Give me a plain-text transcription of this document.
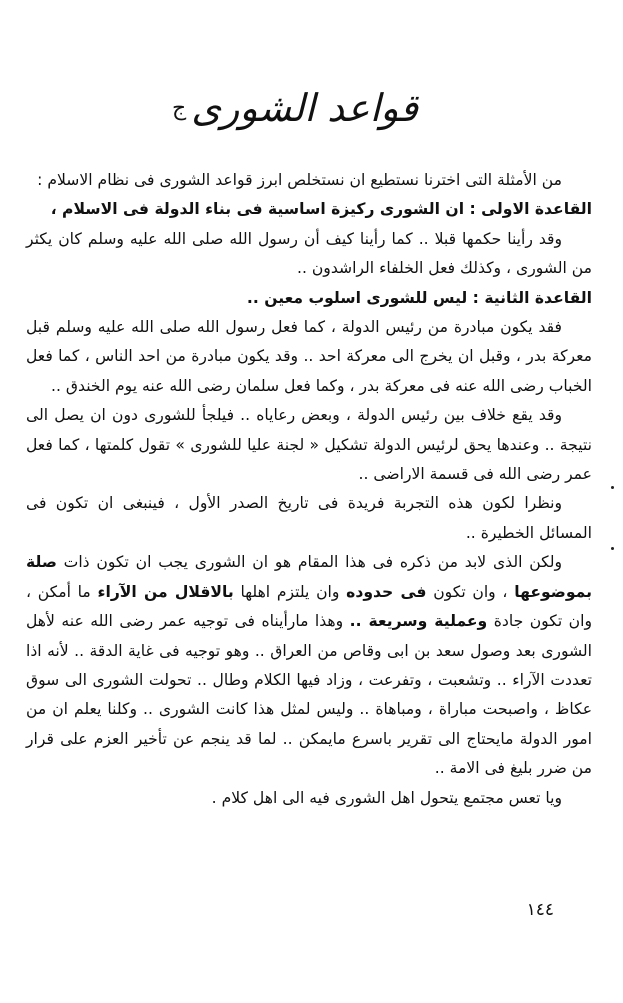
قواعد الشورى ج

من الأمثلة التى اخترنا نستطيع ان نستخلص ابرز قواعد الشورى فى نظام الاسلام :

القاعدة الاولى : ان الشورى ركيزة اساسية فى بناء الدولة فى الاسلام ،

وقد رأينا حكمها قبلا .. كما رأينا كيف أن رسول الله صلى الله عليه وسلم كان يكثر من الشورى ، وكذلك فعل الخلفاء الراشدون ..

القاعدة الثانية : ليس للشورى اسلوب معين ..

فقد يكون مبادرة من رئيس الدولة ، كما فعل رسول الله صلى الله عليه وسلم قبل معركة بدر ، وقبل ان يخرج الى معركة احد .. وقد يكون مبادرة من احد الناس ، كما فعل الخباب رضى الله عنه فى معركة بدر ، وكما فعل سلمان رضى الله عنه يوم الخندق ..

وقد يقع خلاف بين رئيس الدولة ، وبعض رعاياه .. فيلجأ للشورى دون ان يصل الى نتيجة .. وعندها يحق لرئيس الدولة تشكيل « لجنة عليا للشورى » تقول كلمتها ، كما فعل عمر رضى الله فى قسمة الاراضى ..

ونظرا لكون هذه التجربة فريدة فى تاريخ الصدر الأول ، فينبغى ان تكون فى المسائل الخطيرة ..

ولكن الذى لابد من ذكره فى هذا المقام هو ان الشورى يجب ان تكون ذات صلة بموضوعها ، وان تكون فى حدوده وان يلتزم اهلها بالاقلال من الآراء ما أمكن ، وان تكون جادة وعملية وسريعة .. وهذا مارأيناه فى توجيه عمر رضى الله عنه لأهل الشورى بعد وصول سعد بن ابى وقاص من العراق .. وهو توجيه فى غاية الدقة .. لأنه اذا تعددت الآراء .. وتشعبت ، وتفرعت ، وزاد فيها الكلام وطال .. تحولت الشورى الى سوق عكاظ ، واصبحت مباراة ، ومباهاة .. وليس لمثل هذا كانت الشورى .. وكلنا يعلم ان من امور الدولة مايحتاج الى تقرير باسرع مايمكن .. لما قد ينجم عن تأخير العزم على قرار من ضرر بليغ فى الامة ..

ويا تعس مجتمع يتحول اهل الشورى فيه الى اهل كلام .

١٤٤
